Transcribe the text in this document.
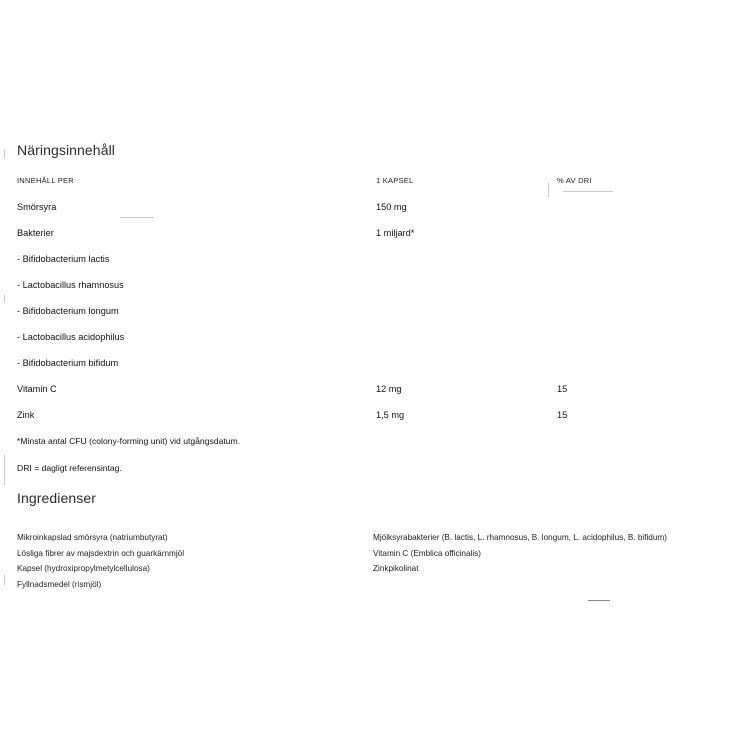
Näringsinnehåll
INNEHÅLL PER	1 KAPSEL	% AV DRI
Smörsyra	150 mg
Bakterier	1 miljard*
- Bifidobacterium lactis
- Lactobacillus rhamnosus
- Bifidobacterium longum
- Lactobacillus acidophilus
- Bifidobacterium bifidum
Vitamin C	12 mg	15
Zink	1,5 mg	15
*Minsta antal CFU (colony-forming unit) vid utgångsdatum.
DRI = dagligt referensintag.
Ingredienser
Mikroinkapslad smörsyra (natriumbutyrat)
Lösliga fibrer av majsdextrin och guarkärnmjöl
Kapsel (hydroxipropylmetylcellulosa)
Fyllnadsmedel (rismjöl)
Mjölksyrabakterier (B. lactis, L. rhamnosus, B. longum, L. acidophilus, B. bifidum)
Vitamin C (Emblica officinalis)
Zinkpikolinat
